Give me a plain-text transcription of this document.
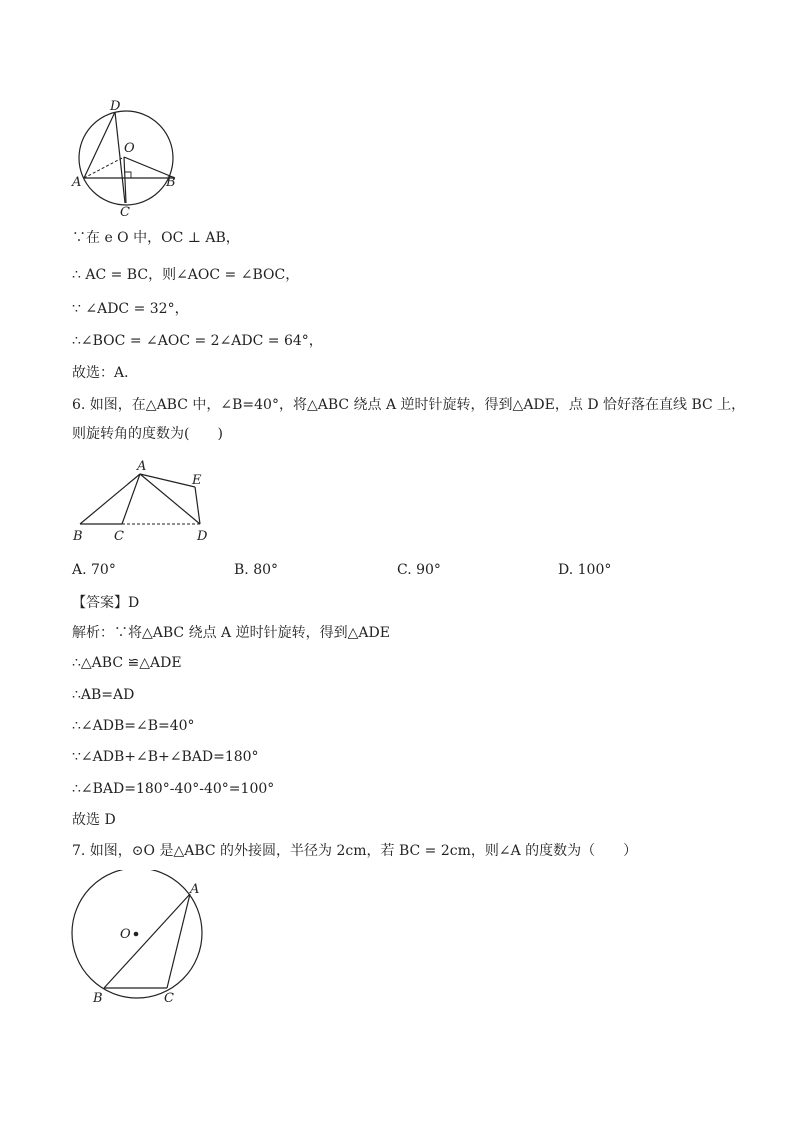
D
O
A	B
C
∵在 e O 中，OC ⊥ AB，
∴ AC = BC，则∠AOC = ∠BOC，
∵ ∠ADC = 32°，
∴∠BOC = ∠AOC = 2∠ADC = 64°，
故选：A．
6. 如图，在△ABC 中，∠B=40°，将△ABC 绕点 A 逆时针旋转，得到△ADE，点 D 恰好落在直线 BC 上，
则旋转角的度数为(　　)
A
E
B C	D
A. 70°	B. 80°	C. 90°	D. 100°
【答案】D
解析：∵将△ABC 绕点 A 逆时针旋转，得到△ADE
∴△ABC ≌△ADE
∴AB=AD
∴∠ADB=∠B=40°
∵∠ADB+∠B+∠BAD=180°
∴∠BAD=180°-40°-40°=100°
故选 D
7. 如图，⊙O 是△ABC 的外接圆，半径为 2cm，若 BC = 2cm，则∠A 的度数为（　　）
O
A
B	C
